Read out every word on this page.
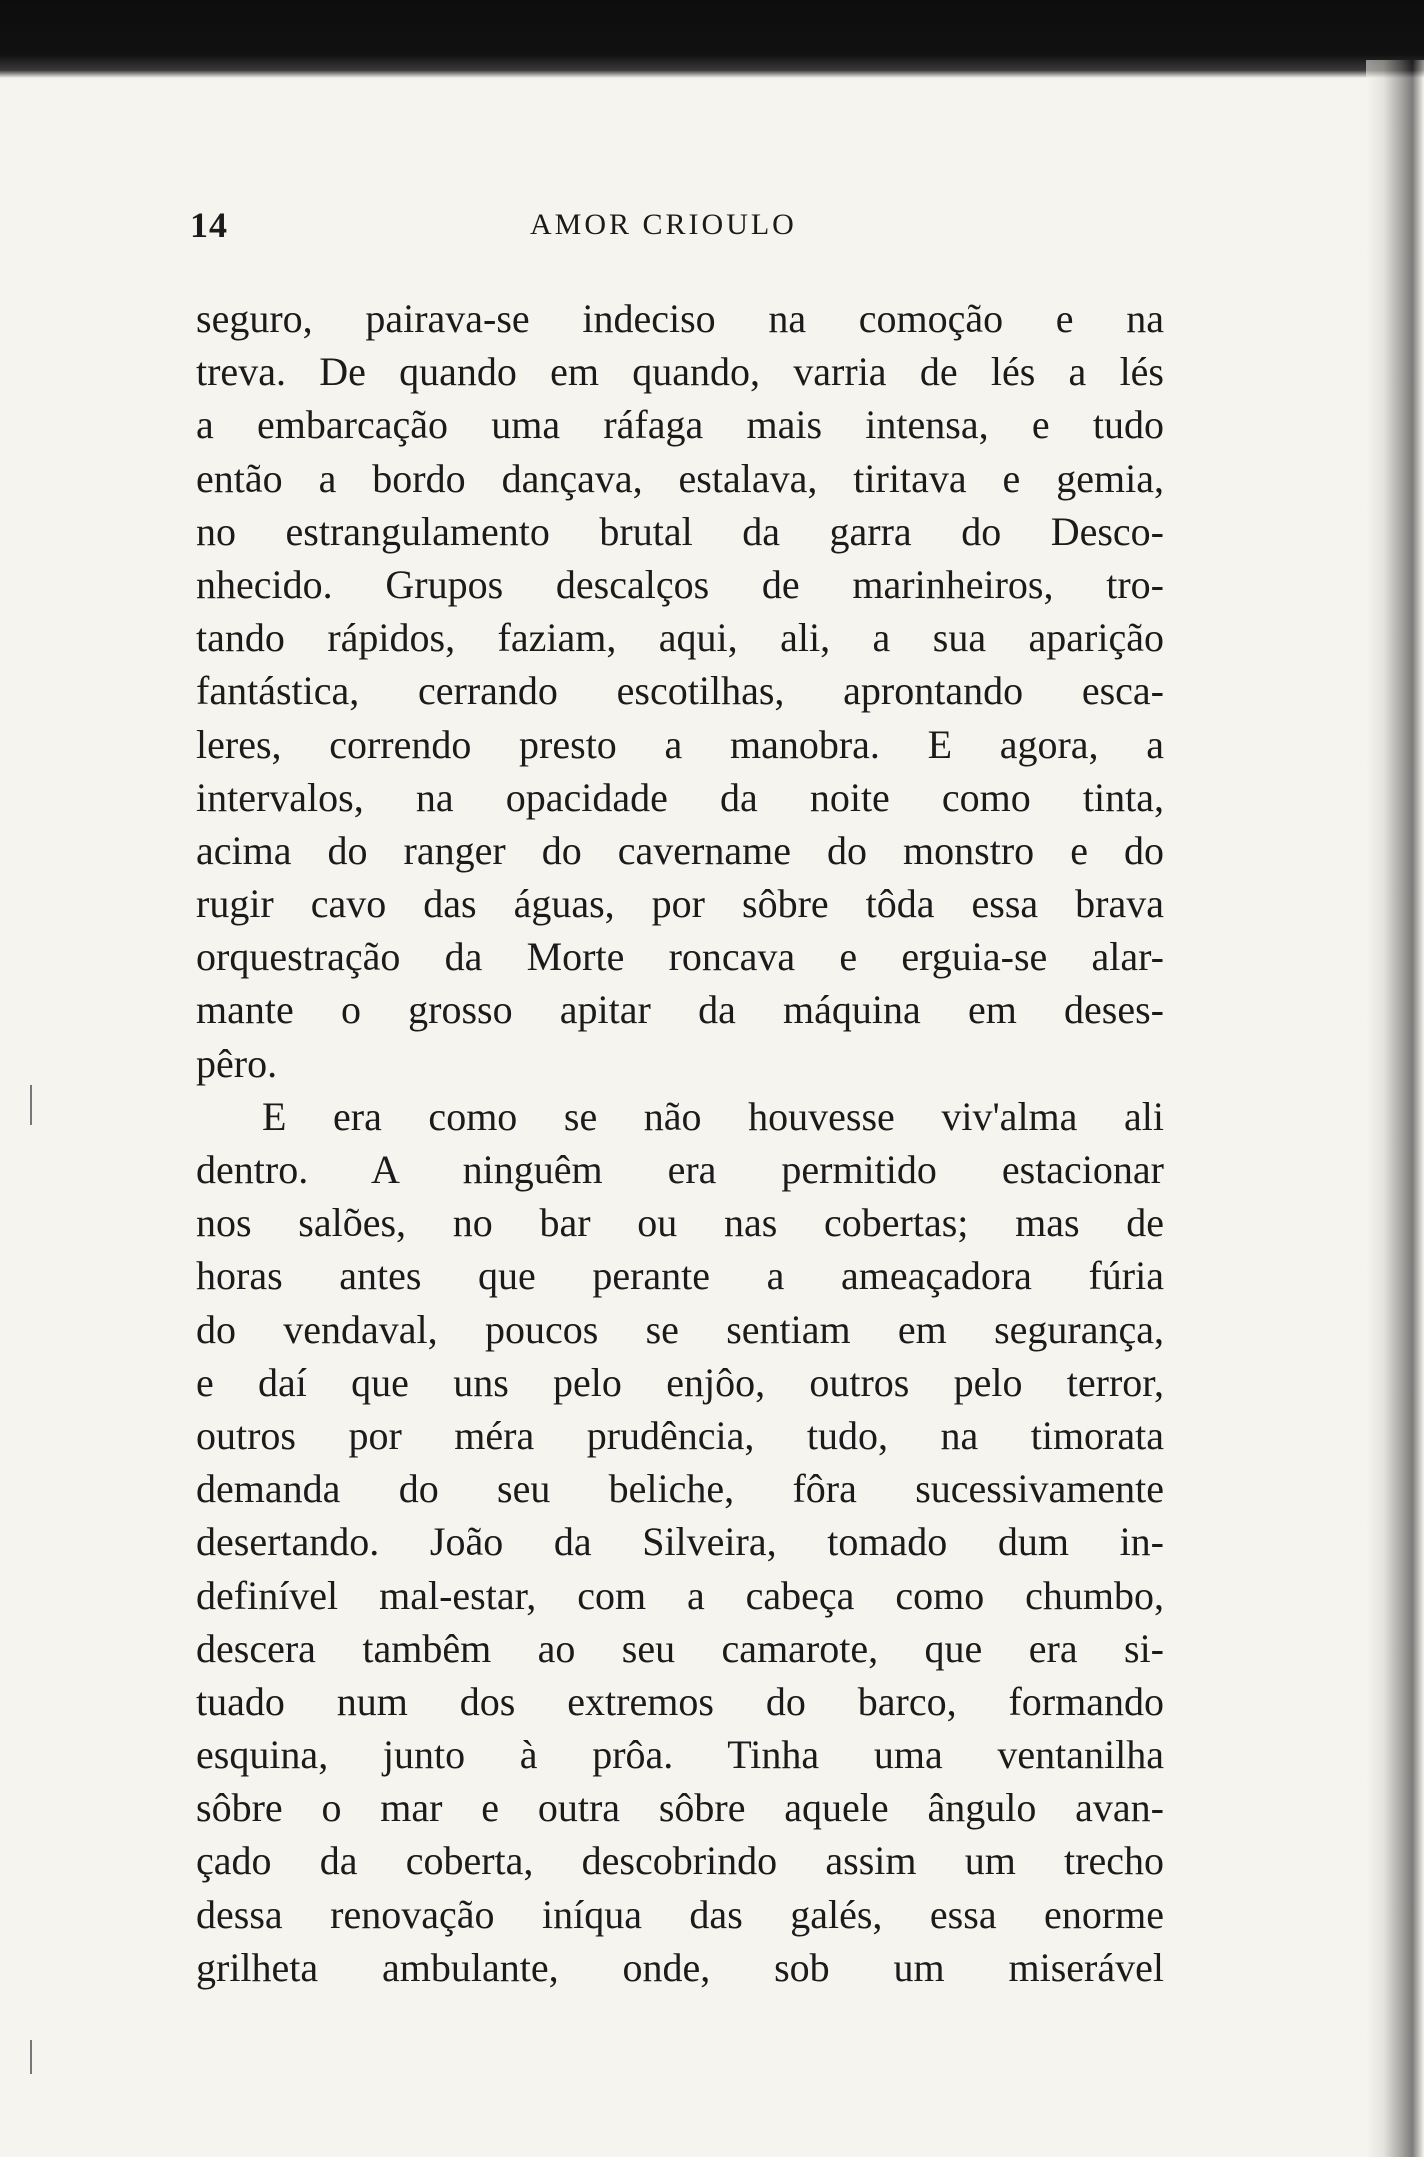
14	AMOR CRIOULO
seguro, pairava-se indeciso na comoção e na
treva. De quando em quando, varria de lés a lés
a embarcação uma ráfaga mais intensa, e tudo
então a bordo dançava, estalava, tiritava e gemia,
no estrangulamento brutal da garra do Desco-
nhecido. Grupos descalços de marinheiros, tro-
tando rápidos, faziam, aqui, ali, a sua aparição
fantástica, cerrando escotilhas, aprontando esca-
leres, correndo presto a manobra. E agora, a
intervalos, na opacidade da noite como tinta,
acima do ranger do cavername do monstro e do
rugir cavo das águas, por sôbre tôda essa brava
orquestração da Morte roncava e erguia-se alar-
mante o grosso apitar da máquina em deses-
pêro.
E era como se não houvesse viv'alma ali
dentro. A ninguêm era permitido estacionar
nos salões, no bar ou nas cobertas; mas de
horas antes que perante a ameaçadora fúria
do vendaval, poucos se sentiam em segurança,
e daí que uns pelo enjôo, outros pelo terror,
outros por méra prudência, tudo, na timorata
demanda do seu beliche, fôra sucessivamente
desertando. João da Silveira, tomado dum in-
definível mal-estar, com a cabeça como chumbo,
descera tambêm ao seu camarote, que era si-
tuado num dos extremos do barco, formando
esquina, junto à prôa. Tinha uma ventanilha
sôbre o mar e outra sôbre aquele ângulo avan-
çado da coberta, descobrindo assim um trecho
dessa renovação iníqua das galés, essa enorme
grilheta ambulante, onde, sob um miserável
